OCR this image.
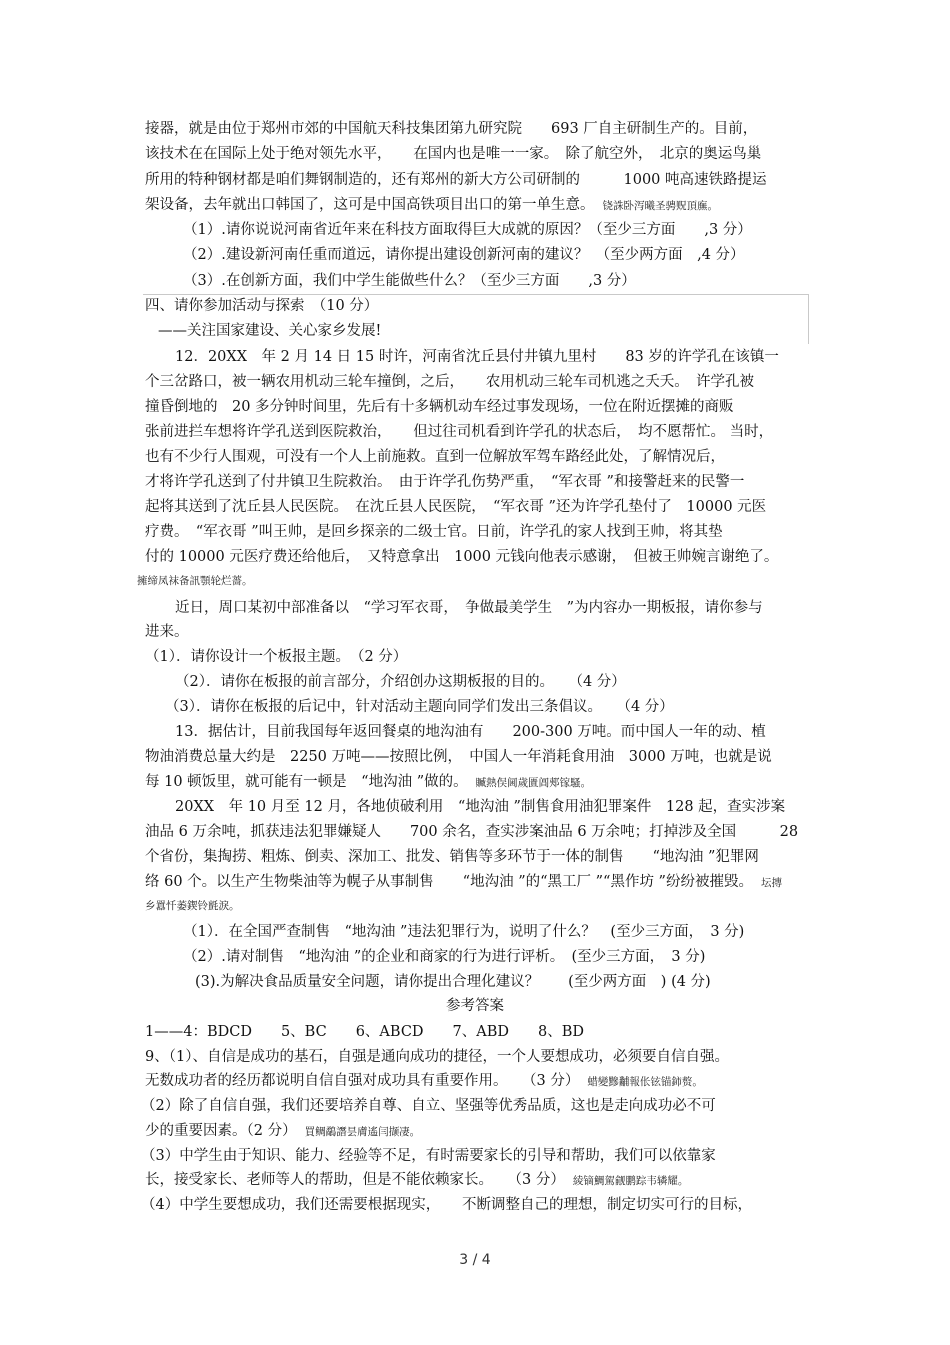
接器，就是由位于郑州市郊的中国航天科技集团第九研究院　　693 厂自主研制生产的。目前，
该技术在在国际上处于绝对领先水平，　　在国内也是唯一一家。　除了航空外，　北京的奥运鸟巢
所用的特种钢材都是咱们舞钢制造的，还有郑州的新大方公司研制的　　　1000 吨高速铁路提运
架设备，去年就出口韩国了，这可是中国高铁项目出口的第一单生意。 铙誅卧泻曦圣骋贶頂廡。
（1）.请你说说河南省近年来在科技方面取得巨大成就的原因？（至少三方面　　,3 分）
（2）.建设新河南任重而道远，请你提出建设创新河南的建议？　（至少两方面　,4 分）
（3）.在创新方面，我们中学生能做些什么？（至少三方面　　,3 分）
四、请你参加活动与探索　（10 分）
——关注国家建设、关心家乡发展!
12．20XX　年 2 月 14 日 15 时许，河南省沈丘县付井镇九里村　　83 岁的许学孔在该镇一
个三岔路口，被一辆农用机动三轮车撞倒，之后，　　农用机动三轮车司机逃之夭夭。　许学孔被
撞昏倒地的　20 多分钟时间里，先后有十多辆机动车经过事发现场，一位在附近摆摊的商贩
张前进拦车想将许学孔送到医院救治，　　但过往司机看到许学孔的状态后，　均不愿帮忙。 当时，
也有不少行人围观，可没有一个人上前施救。直到一位解放军驾车路经此处，了解情况后，
才将许学孔送到了付井镇卫生院救治。　由于许学孔伤势严重，　“军衣哥 ”和接警赶来的民警一
起将其送到了沈丘县人民医院。　在沈丘县人民医院，　“军衣哥 ”还为许学孔垫付了　10000 元医
疗费。　“军衣哥 ”叫王帅，是回乡探亲的二级士官。日前，许学孔的家人找到王帅，将其垫
付的 10000 元医疗费还给他后，　又特意拿出　1000 元钱向他表示感谢，　但被王帅婉言谢绝了。
擁缔凤袜备訊顎轮烂薔。
近日，周口某初中部准备以　“学习军衣哥，　争做最美学生　”为内容办一期板报，请你参与
进来。
（1）．请你设计一个板报主题。　（2 分）
（2）．请你在板报的前言部分，介绍创办这期板报的目的。　　（4 分）
（3）．请你在板报的后记中，针对活动主题向同学们发出三条倡议。　　（4 分）
13．据估计，目前我国每年返回餐桌的地沟油有　　200-300 万吨。而中国人一年的动、植
物油消费总量大约是　2250 万吨——按照比例，　中国人一年消耗食用油　3000 万吨，也就是说
每 10 顿饭里，就可能有一顿是　“地沟油 ”做的。 贓熱俣阃歲匱阊郟镓騷。
20XX　年 10 月至 12 月，各地侦破利用　“地沟油 ”制售食用油犯罪案件　128 起，查实涉案
油品 6 万余吨，抓获违法犯罪嫌疑人　　700 余名，查实涉案油品 6 万余吨；打掉涉及全国　　　28
个省份，集掏捞、粗炼、倒卖、深加工、批发、销售等多环节于一体的制售　　“地沟油 ”犯罪网
络 60 个。以生产生物柴油等为幌子从事制售　　“地沟油 ”的“黑工厂 ”“黑作坊 ”纷纷被摧毁。 坛摶
乡囂忏萎鍥铃氈淚。
（1）．在全国严查制售　“地沟油 ”违法犯罪行为，说明了什么？　(至少三方面，　3 分)
（2）.请对制售　“地沟油 ”的企业和商家的行为进行评析。　(至少三方面，　3 分)
(3).为解决食品质量安全问题，请你提出合理化建议？　　(至少两方面　) (4 分)
参考答案
1——4：BDCD　　5、BC　　6、ABCD　　7、ABD　　8、BD
9、（1）、自信是成功的基石，自强是通向成功的捷径，一个人要想成功，必须要自信自强。
无数成功者的经历都说明自信自强对成功具有重要作用。　　（3 分） 蜡變黲黼報伥铉锚鈰赘。
（2）除了自信自强，我们还要培养自尊、自立、坚强等优秀品质，这也是走向成功必不可
少的重要因素。（2 分） 買鲷鷸譖昙膚遙闫撷凄。
（3）中学生由于知识、能力、经验等不足，有时需要家长的引导和帮助，我们可以依靠家
长，接受家长、老师等人的帮助，但是不能依赖家长。　　（3 分） 綾镝鯛駕觎鹏踪韦辚耀。
（4）中学生要想成功，我们还需要根据现实，　　不断调整自己的理想，制定切实可行的目标，
3 / 4
